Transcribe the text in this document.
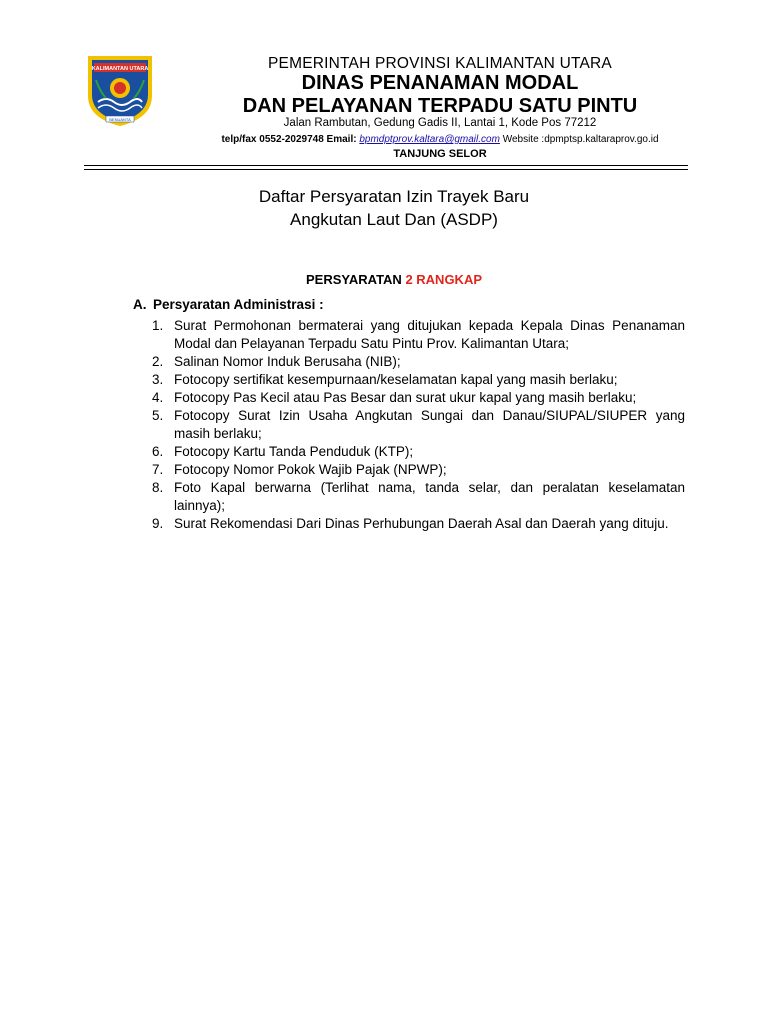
KALIMANTAN UTARA
BENUANTA
PEMERINTAH PROVINSI KALIMANTAN UTARA
DINAS PENANAMAN MODAL
DAN PELAYANAN TERPADU SATU PINTU
Jalan Rambutan, Gedung Gadis II, Lantai 1, Kode Pos 77212
telp/fax 0552-2029748 Email: bpmdptprov.kaltara@gmail.com Website :dpmptsp.kaltaraprov.go.id
TANJUNG SELOR
Daftar Persyaratan Izin Trayek Baru
Angkutan Laut Dan (ASDP)
PERSYARATAN 2 RANGKAP
A. Persyaratan Administrasi :
1. Surat Permohonan bermaterai yang ditujukan kepada Kepala Dinas Penanaman Modal dan Pelayanan Terpadu Satu Pintu Prov. Kalimantan Utara;
2. Salinan Nomor Induk Berusaha (NIB);
3. Fotocopy sertifikat kesempurnaan/keselamatan kapal yang masih berlaku;
4. Fotocopy Pas Kecil atau Pas Besar dan surat ukur kapal yang masih berlaku;
5. Fotocopy Surat Izin Usaha Angkutan Sungai dan Danau/SIUPAL/SIUPER yang masih berlaku;
6. Fotocopy Kartu Tanda Penduduk (KTP);
7. Fotocopy Nomor Pokok Wajib Pajak (NPWP);
8. Foto Kapal berwarna (Terlihat nama, tanda selar, dan peralatan keselamatan lainnya);
9. Surat Rekomendasi Dari Dinas Perhubungan Daerah Asal dan Daerah yang dituju.
